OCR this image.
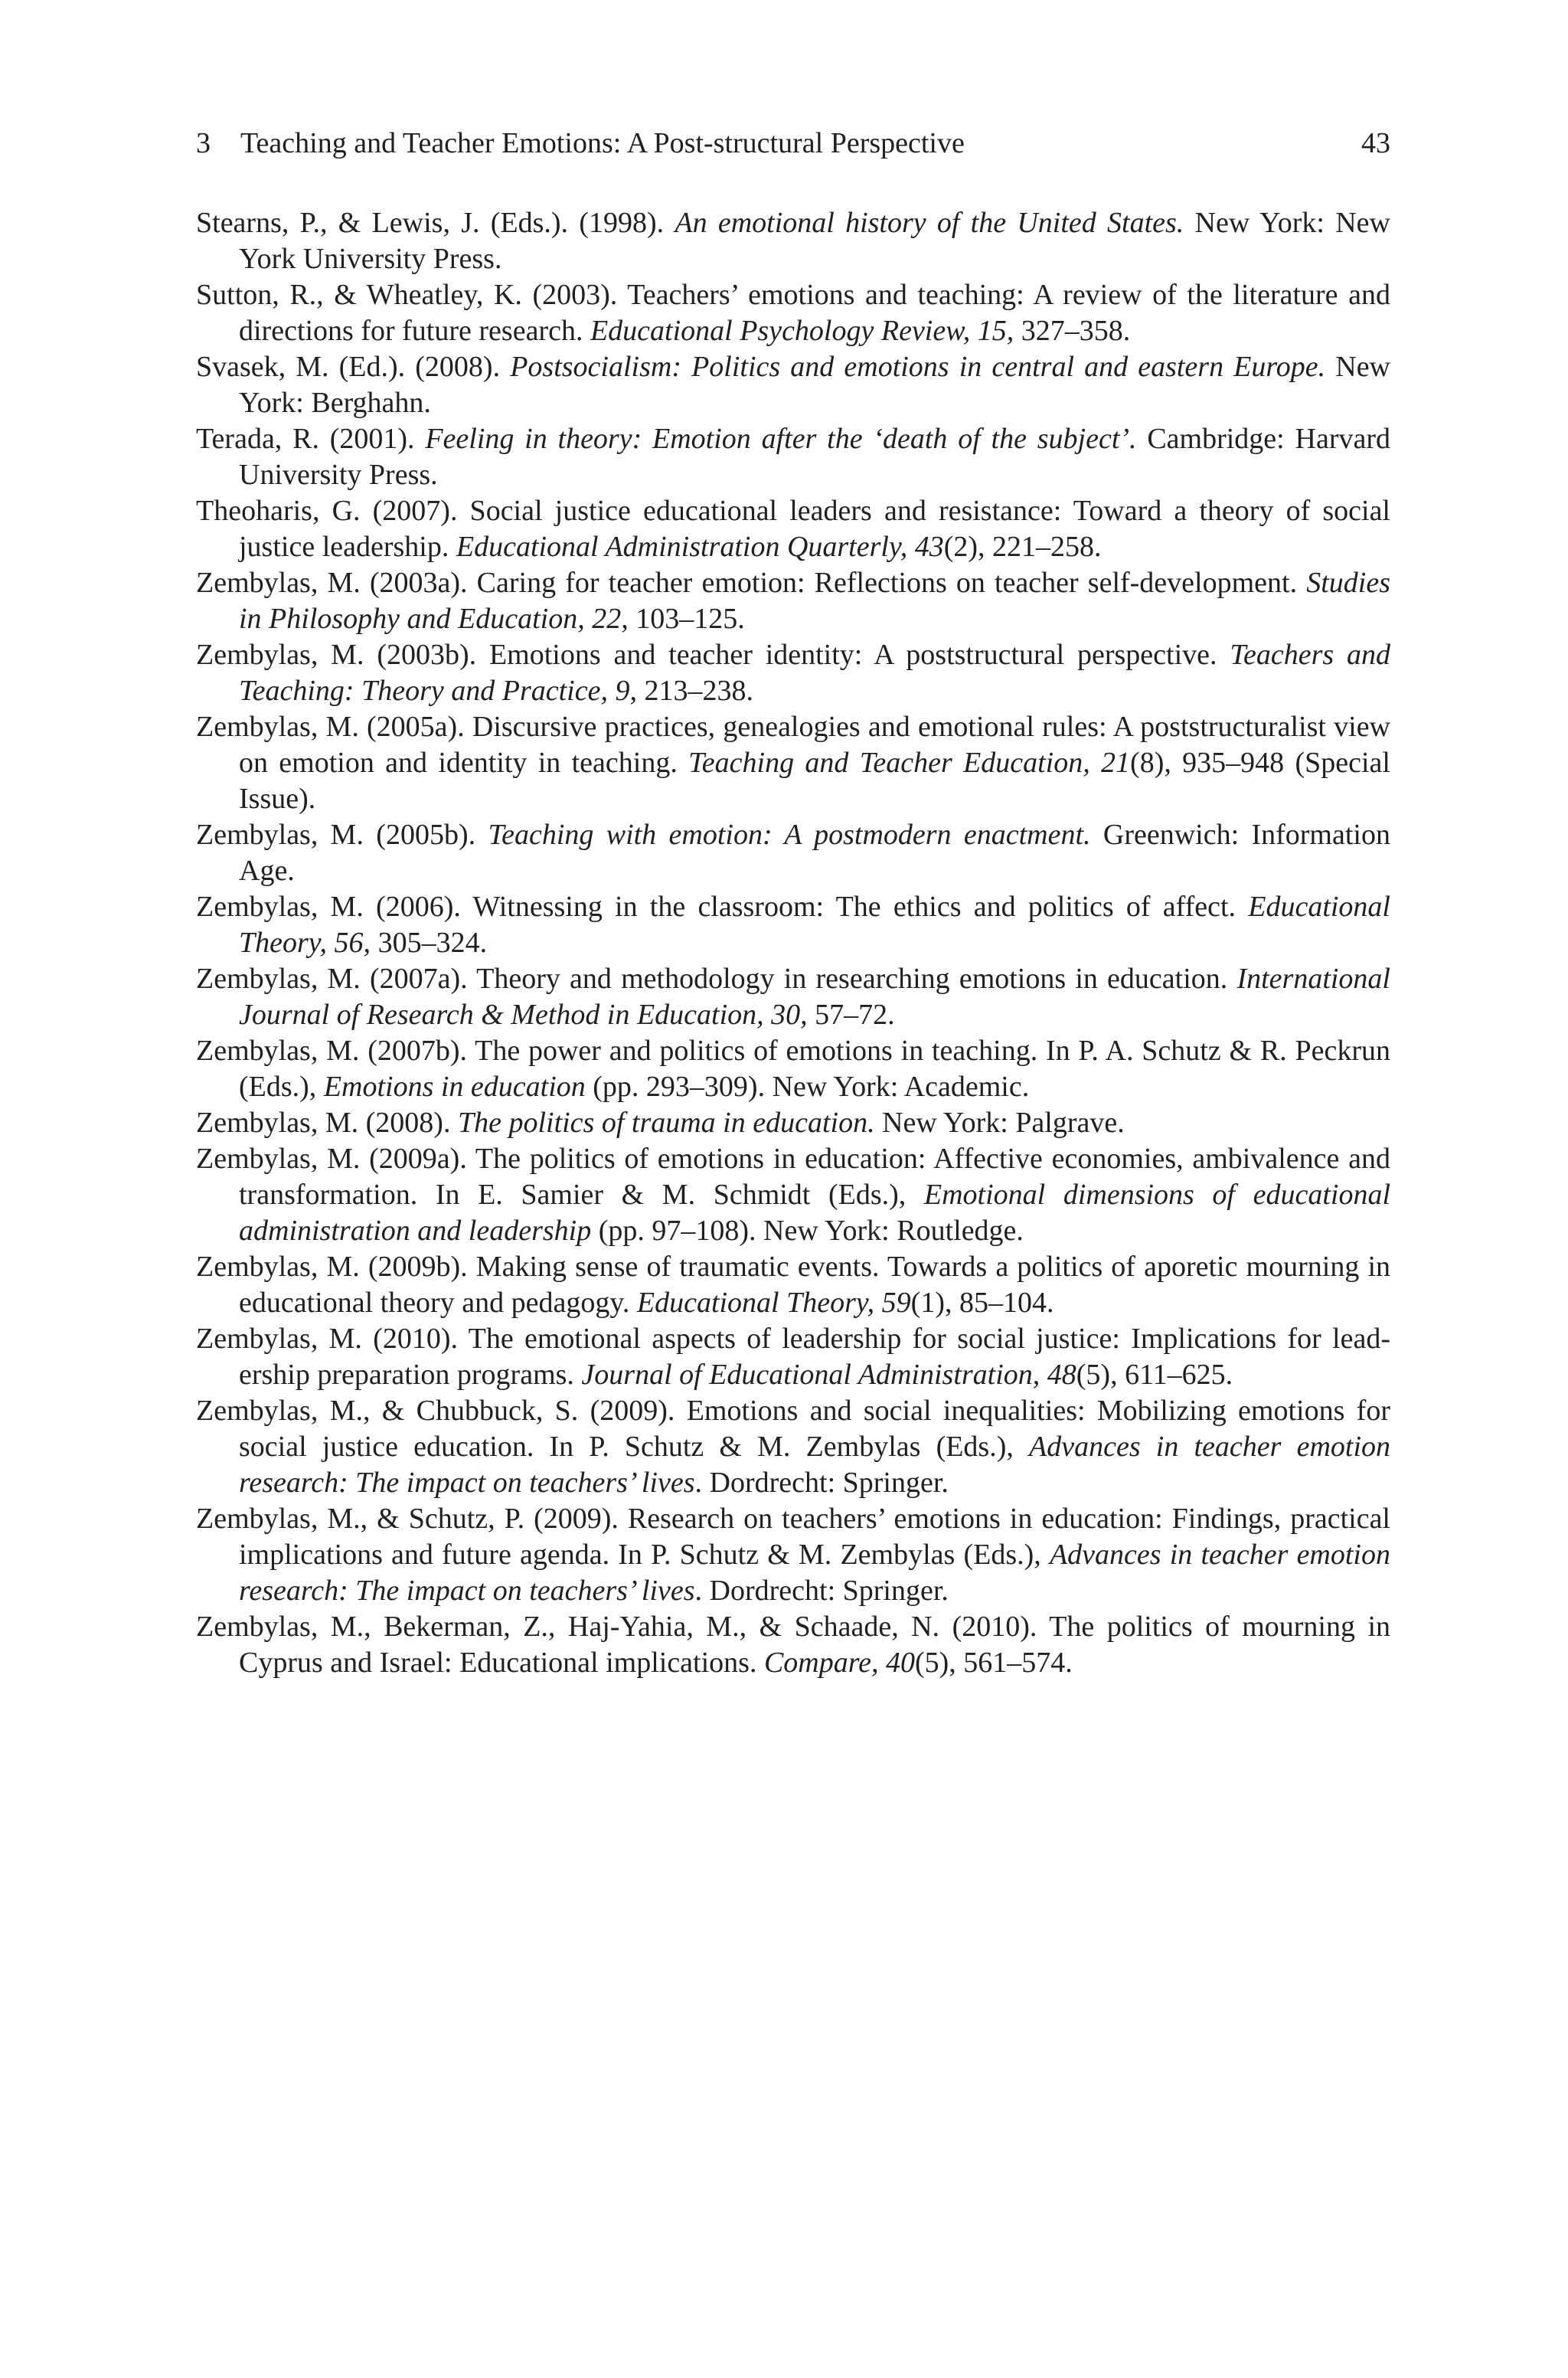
3 Teaching and Teacher Emotions: A Post-structural Perspective	43
Stearns, P., & Lewis, J. (Eds.). (1998). An emotional history of the United States. New York: New York University Press.
Sutton, R., & Wheatley, K. (2003). Teachers’ emotions and teaching: A review of the literature and directions for future research. Educational Psychology Review, 15, 327–358.
Svasek, M. (Ed.). (2008). Postsocialism: Politics and emotions in central and eastern Europe. New York: Berghahn.
Terada, R. (2001). Feeling in theory: Emotion after the ‘death of the subject’. Cambridge: Harvard University Press.
Theoharis, G. (2007). Social justice educational leaders and resistance: Toward a theory of social justice leadership. Educational Administration Quarterly, 43(2), 221–258.
Zembylas, M. (2003a). Caring for teacher emotion: Reflections on teacher self-development. Studies in Philosophy and Education, 22, 103–125.
Zembylas, M. (2003b). Emotions and teacher identity: A poststructural perspective. Teachers and Teaching: Theory and Practice, 9, 213–238.
Zembylas, M. (2005a). Discursive practices, genealogies and emotional rules: A poststructuralist view on emotion and identity in teaching. Teaching and Teacher Education, 21(8), 935–948 (Special Issue).
Zembylas, M. (2005b). Teaching with emotion: A postmodern enactment. Greenwich: Information Age.
Zembylas, M. (2006). Witnessing in the classroom: The ethics and politics of affect. Educational Theory, 56, 305–324.
Zembylas, M. (2007a). Theory and methodology in researching emotions in education. International Journal of Research & Method in Education, 30, 57–72.
Zembylas, M. (2007b). The power and politics of emotions in teaching. In P. A. Schutz & R. Peckrun (Eds.), Emotions in education (pp. 293–309). New York: Academic.
Zembylas, M. (2008). The politics of trauma in education. New York: Palgrave.
Zembylas, M. (2009a). The politics of emotions in education: Affective economies, ambivalence and transformation. In E. Samier & M. Schmidt (Eds.), Emotional dimensions of educational administration and leadership (pp. 97–108). New York: Routledge.
Zembylas, M. (2009b). Making sense of traumatic events. Towards a politics of aporetic mourning in educational theory and pedagogy. Educational Theory, 59(1), 85–104.
Zembylas, M. (2010). The emotional aspects of leadership for social justice: Implications for leadership preparation programs. Journal of Educational Administration, 48(5), 611–625.
Zembylas, M., & Chubbuck, S. (2009). Emotions and social inequalities: Mobilizing emotions for social justice education. In P. Schutz & M. Zembylas (Eds.), Advances in teacher emotion research: The impact on teachers’ lives. Dordrecht: Springer.
Zembylas, M., & Schutz, P. (2009). Research on teachers’ emotions in education: Findings, practical implications and future agenda. In P. Schutz & M. Zembylas (Eds.), Advances in teacher emotion research: The impact on teachers’ lives. Dordrecht: Springer.
Zembylas, M., Bekerman, Z., Haj-Yahia, M., & Schaade, N. (2010). The politics of mourning in Cyprus and Israel: Educational implications. Compare, 40(5), 561–574.
